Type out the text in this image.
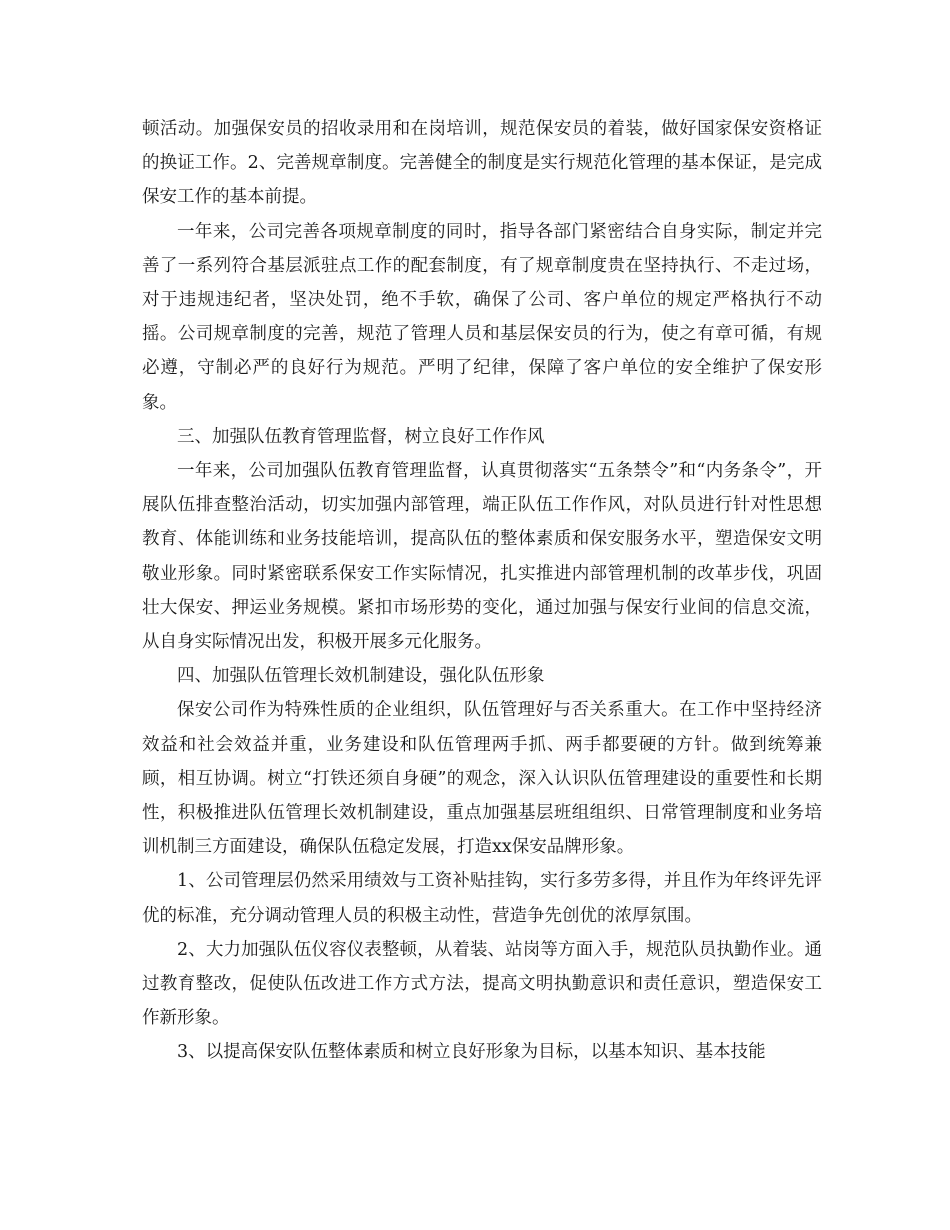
顿活动。加强保安员的招收录用和在岗培训，规范保安员的着装，做好国家保安资格证的换证工作。2、完善规章制度。完善健全的制度是实行规范化管理的基本保证，是完成保安工作的基本前提。

一年来，公司完善各项规章制度的同时，指导各部门紧密结合自身实际，制定并完善了一系列符合基层派驻点工作的配套制度，有了规章制度贵在坚持执行、不走过场，对于违规违纪者，坚决处罚，绝不手软，确保了公司、客户单位的规定严格执行不动摇。公司规章制度的完善，规范了管理人员和基层保安员的行为，使之有章可循，有规必遵，守制必严的良好行为规范。严明了纪律，保障了客户单位的安全维护了保安形象。

三、加强队伍教育管理监督，树立良好工作作风

一年来，公司加强队伍教育管理监督，认真贯彻落实“五条禁令”和“内务条令”，开展队伍排查整治活动，切实加强内部管理，端正队伍工作作风，对队员进行针对性思想教育、体能训练和业务技能培训，提高队伍的整体素质和保安服务水平，塑造保安文明敬业形象。同时紧密联系保安工作实际情况，扎实推进内部管理机制的改革步伐，巩固壮大保安、押运业务规模。紧扣市场形势的变化，通过加强与保安行业间的信息交流，从自身实际情况出发，积极开展多元化服务。

四、加强队伍管理长效机制建设，强化队伍形象

保安公司作为特殊性质的企业组织，队伍管理好与否关系重大。在工作中坚持经济效益和社会效益并重，业务建设和队伍管理两手抓、两手都要硬的方针。做到统筹兼顾，相互协调。树立“打铁还须自身硬”的观念，深入认识队伍管理建设的重要性和长期性，积极推进队伍管理长效机制建设，重点加强基层班组组织、日常管理制度和业务培训机制三方面建设，确保队伍稳定发展，打造xx保安品牌形象。

1、公司管理层仍然采用绩效与工资补贴挂钩，实行多劳多得，并且作为年终评先评优的标准，充分调动管理人员的积极主动性，营造争先创优的浓厚氛围。

2、大力加强队伍仪容仪表整顿，从着装、站岗等方面入手，规范队员执勤作业。通过教育整改，促使队伍改进工作方式方法，提高文明执勤意识和责任意识，塑造保安工作新形象。

3、以提高保安队伍整体素质和树立良好形象为目标，以基本知识、基本技能
